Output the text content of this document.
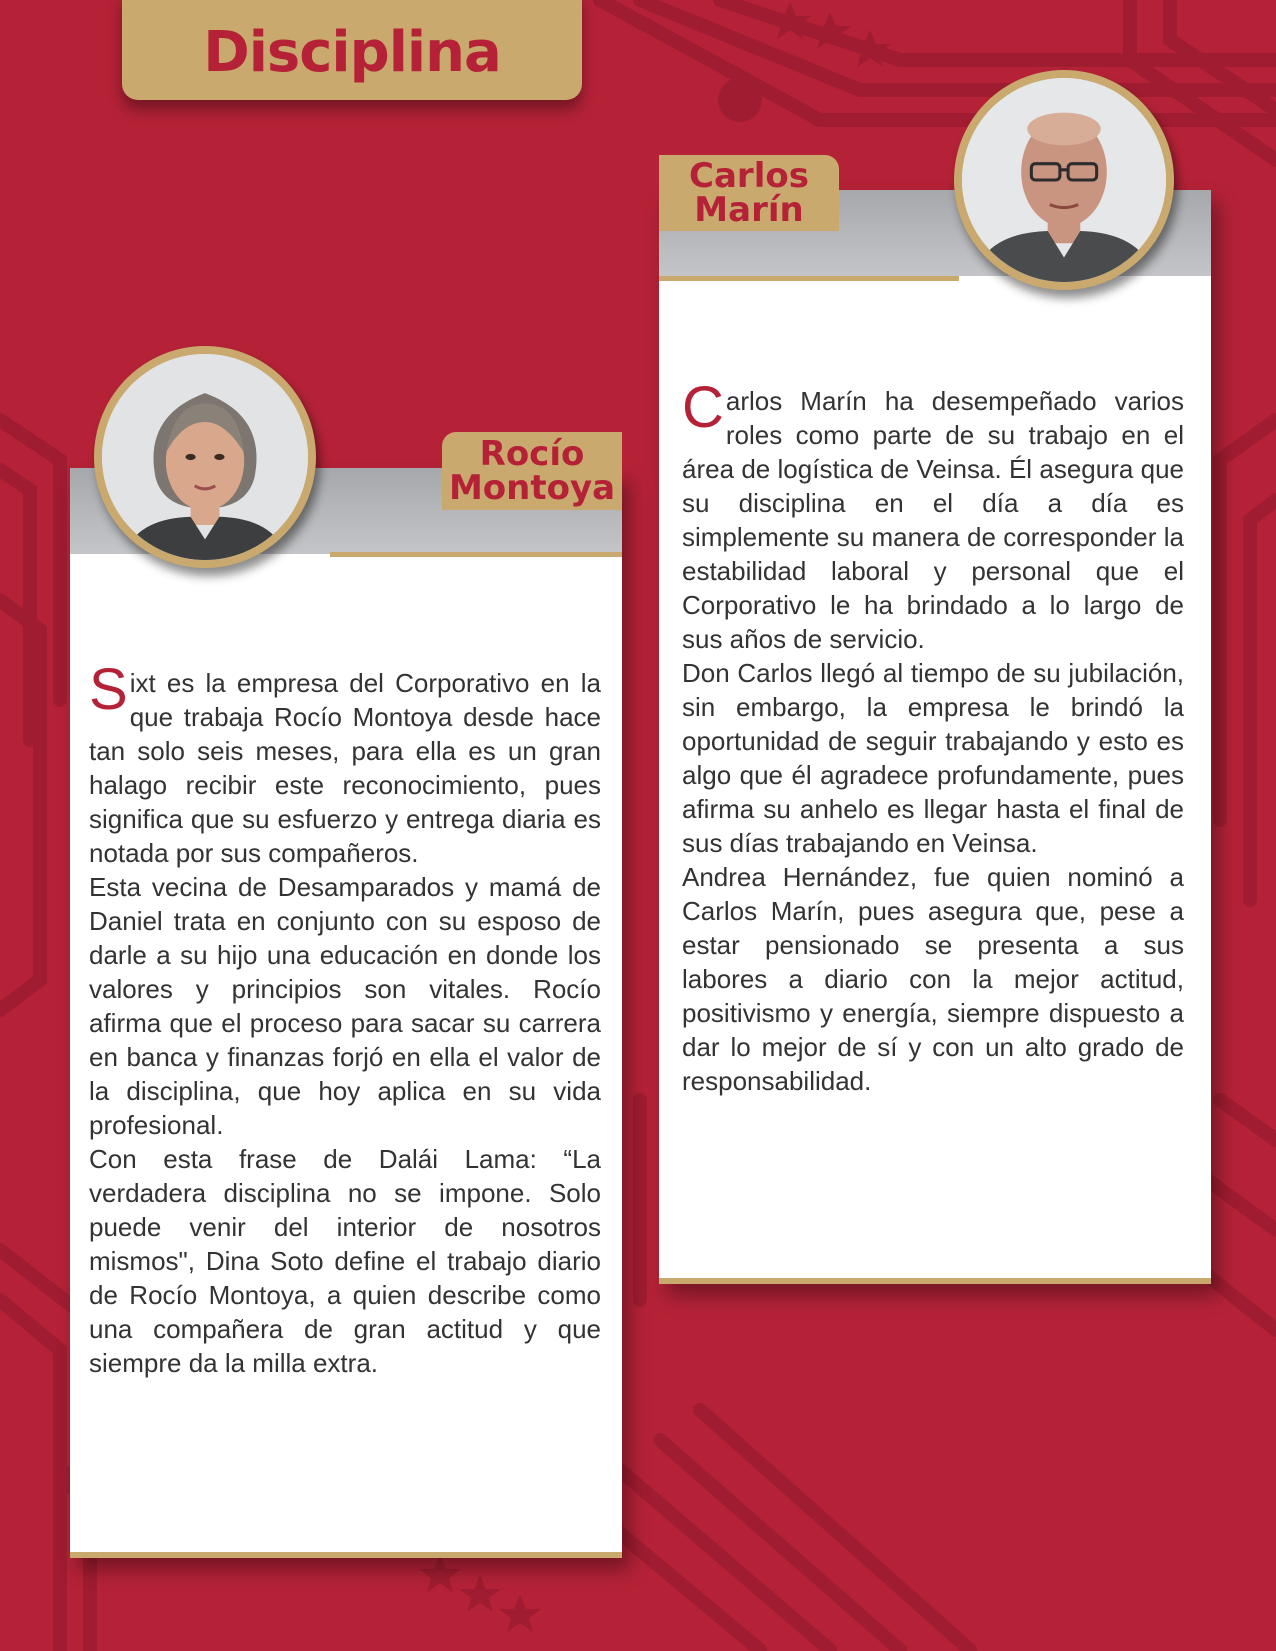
Disciplina
Rocío
Montoya

Sixt es la empresa del Corporativo en la que trabaja Rocío Montoya desde hace tan solo seis meses, para ella es un gran halago recibir este reconocimiento, pues significa que su esfuerzo y entrega diaria es notada por sus compañeros.

Esta vecina de Desamparados y mamá de Daniel trata en conjunto con su esposo de darle a su hijo una educación en donde los valores y principios son vitales. Rocío afirma que el proceso para sacar su carrera en banca y finanzas forjó en ella el valor de la disciplina, que hoy aplica en su vida profesional.

Con esta frase de Dalái Lama: “La verdadera disciplina no se impone. Solo puede venir del interior de nosotros mismos", Dina Soto define el trabajo diario de Rocío Montoya, a quien describe como una compañera de gran actitud y que siempre da la milla extra.

Carlos
Marín

Carlos Marín ha desempeñado varios roles como parte de su trabajo en el área de logística de Veinsa. Él asegura que su disciplina en el día a día es simplemente su manera de corresponder la estabilidad laboral y personal que el Corporativo le ha brindado a lo largo de sus años de servicio.

Don Carlos llegó al tiempo de su jubilación, sin embargo, la empresa le brindó la oportunidad de seguir trabajando y esto es algo que él agradece profundamente, pues afirma su anhelo es llegar hasta el final de sus días trabajando en Veinsa.

Andrea Hernández, fue quien nominó a Carlos Marín, pues asegura que, pese a estar pensionado se presenta a sus labores a diario con la mejor actitud, positivismo y energía, siempre dispuesto a dar lo mejor de sí y con un alto grado de responsabilidad.
